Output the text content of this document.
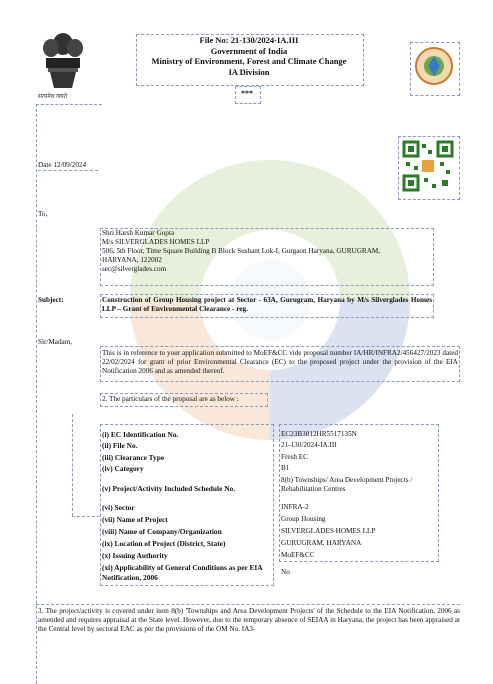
सत्यमेव जयते
File No: 21-130/2024-IA.III
Government of India
Ministry of Environment, Forest and Climate Change
IA Division
***
Date 12/09/2024
To,
Shri Harsh Kumar Gupta
M/s SILVERGLADES HOMES LLP
506, 5th Floor, Time Square Building B Block Sushant Lok-I, Gurgaon Haryana, GURUGRAM,
HARYANA, 122002
sec@silverglades.com
Subject:	Construction of Group Housing project at Sector - 63A, Gurugram, Haryana by M/s Silverglades Homes LLP – Grant of Environmental Clearance - reg.
Sir/Madam,
This is in reference to your application submitted to MoEF&CC vide proposal number IA/HR/INFRA2/456427/2023 dated 22/02/2024 for grant of prior Environmental Clearance (EC) to the proposed project under the provision of the EIA Notification 2006 and as amended thereof.
2. The particulars of the proposal are as below :
(i) EC Identification No.
(ii) File No.
(iii) Clearance Type
(iv) Category
(v) Project/Activity Included Schedule No.
(vi) Sector
(vii) Name of Project
(viii) Name of Company/Organization
(ix) Location of Project (District, State)
(x) Issuing Authority
(xi) Applicability of General Conditions as per EIA Notification, 2006
EC23B3812HR5517135N
21-130/2024-IA.III
Fresh EC
B1
8(b) Townships/ Area Development Projects / Rehabilitation Centres
INFRA-2
Group Housing
SILVERGLADES HOMES LLP
GURUGRAM, HARYANA
MoEF&CC
No
3. The project/activity is covered under item 8(b) 'Townships and Area Development Projects' of the Schedule to the EIA Notification, 2006 as amended and requires appraisal at the State level. However, due to the temporary absence of SEIAA in Haryana, the project has been appraised at the Central level by sectoral EAC as per the provisions of the OM No. IA3-
